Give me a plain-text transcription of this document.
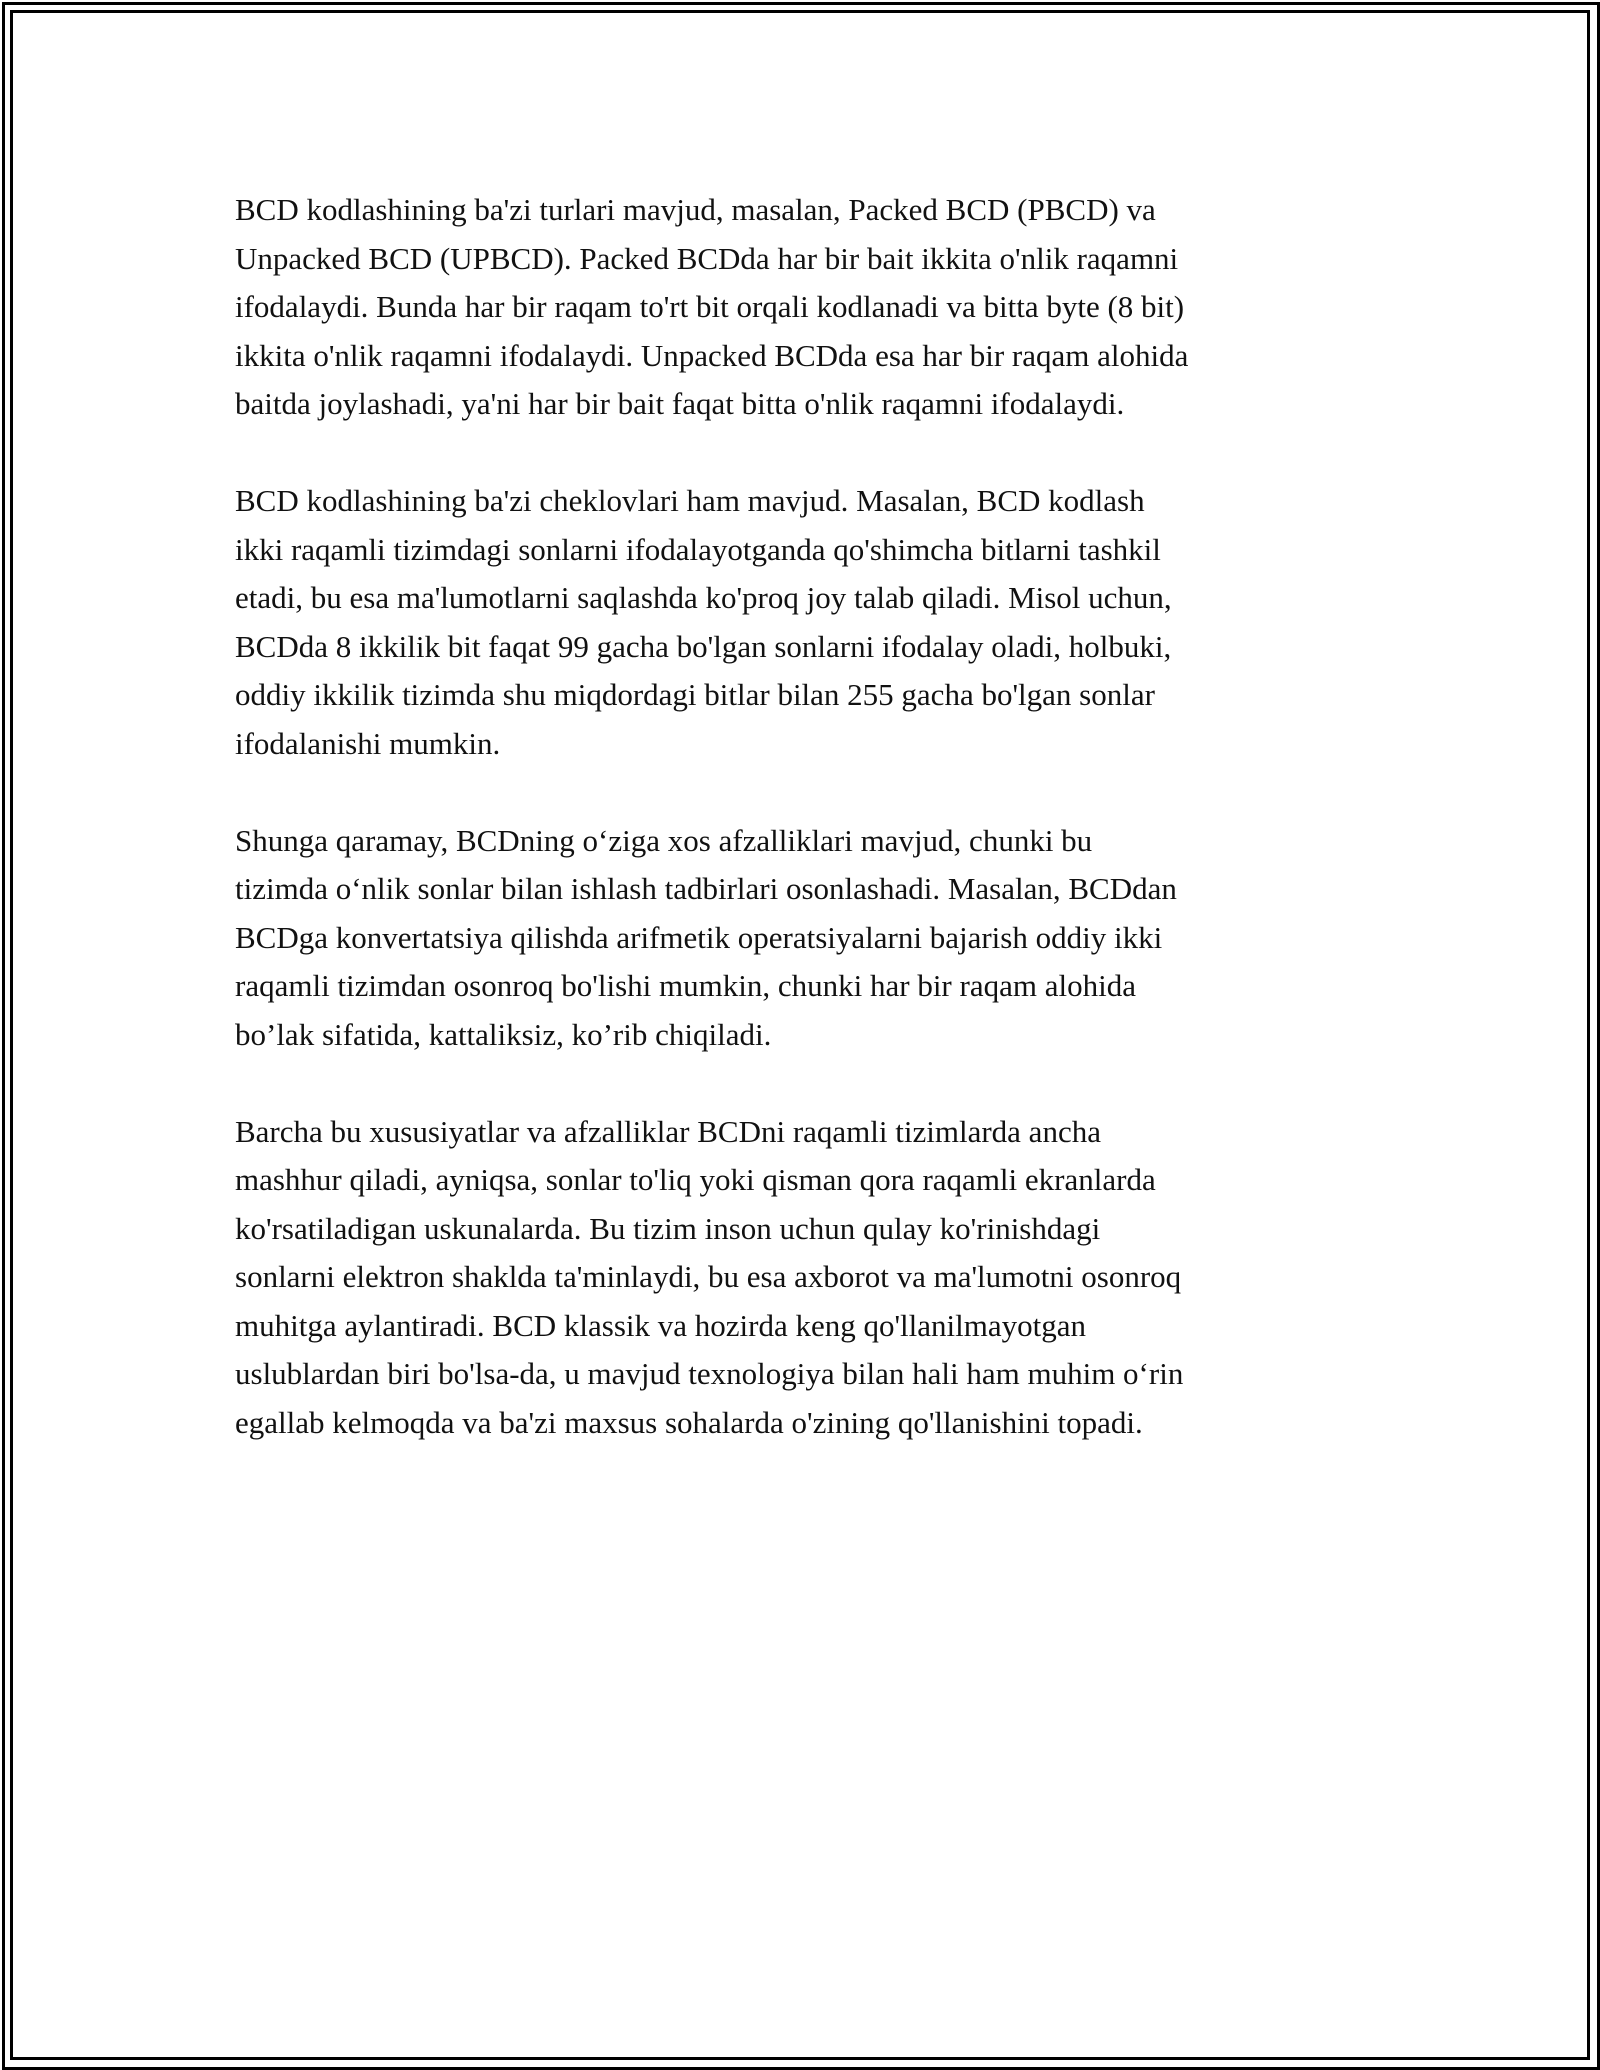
BCD kodlashining ba'zi turlari mavjud, masalan, Packed BCD (PBCD) va
Unpacked BCD (UPBCD). Packed BCDda har bir bait ikkita o'nlik raqamni
ifodalaydi. Bunda har bir raqam to'rt bit orqali kodlanadi va bitta byte (8 bit)
ikkita o'nlik raqamni ifodalaydi. Unpacked BCDda esa har bir raqam alohida
baitda joylashadi, ya'ni har bir bait faqat bitta o'nlik raqamni ifodalaydi.

BCD kodlashining ba'zi cheklovlari ham mavjud. Masalan, BCD kodlash
ikki raqamli tizimdagi sonlarni ifodalayotganda qo'shimcha bitlarni tashkil
etadi, bu esa ma'lumotlarni saqlashda ko'proq joy talab qiladi. Misol uchun,
BCDda 8 ikkilik bit faqat 99 gacha bo'lgan sonlarni ifodalay oladi, holbuki,
oddiy ikkilik tizimda shu miqdordagi bitlar bilan 255 gacha bo'lgan sonlar
ifodalanishi mumkin.

Shunga qaramay, BCDning o‘ziga xos afzalliklari mavjud, chunki bu
tizimda o‘nlik sonlar bilan ishlash tadbirlari osonlashadi. Masalan, BCDdan
BCDga konvertatsiya qilishda arifmetik operatsiyalarni bajarish oddiy ikki
raqamli tizimdan osonroq bo'lishi mumkin, chunki har bir raqam alohida
bo’lak sifatida, kattaliksiz, ko’rib chiqiladi.

Barcha bu xususiyatlar va afzalliklar BCDni raqamli tizimlarda ancha
mashhur qiladi, ayniqsa, sonlar to'liq yoki qisman qora raqamli ekranlarda
ko'rsatiladigan uskunalarda. Bu tizim inson uchun qulay ko'rinishdagi
sonlarni elektron shaklda ta'minlaydi, bu esa axborot va ma'lumotni osonroq
muhitga aylantiradi. BCD klassik va hozirda keng qo'llanilmayotgan
uslublardan biri bo'lsa-da, u mavjud texnologiya bilan hali ham muhim o‘rin
egallab kelmoqda va ba'zi maxsus sohalarda o'zining qo'llanishini topadi.
